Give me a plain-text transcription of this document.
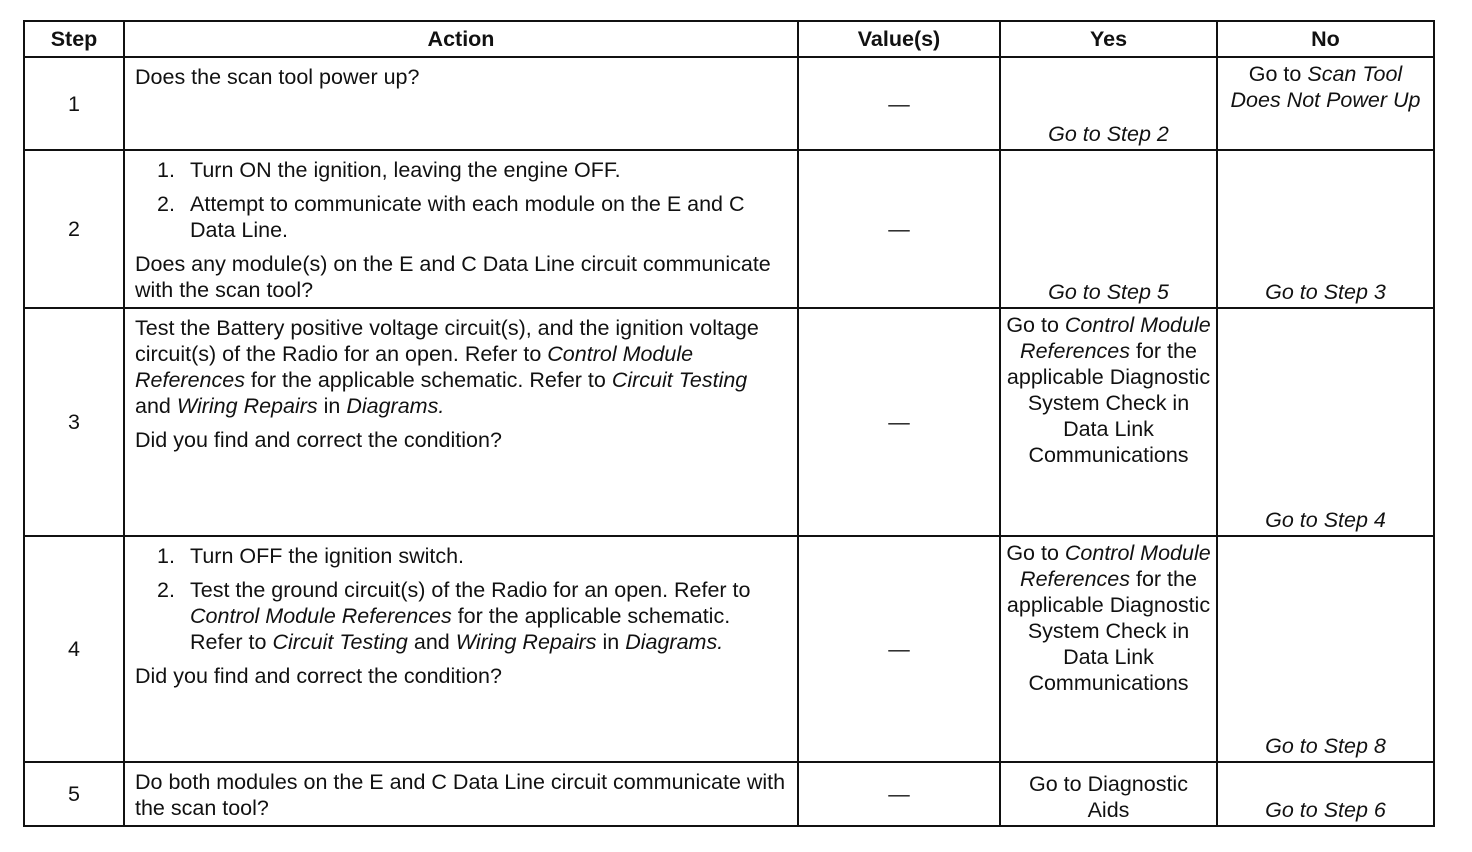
Step	Action	Value(s)	Yes	No
1	Does the scan tool power up?	—	Go to Step 2	Go to Scan Tool Does Not Power Up
2	1. Turn ON the ignition, leaving the engine OFF.
2. Attempt to communicate with each module on the E and C Data Line.

Does any module(s) on the E and C Data Line circuit communicate with the scan tool?	—	Go to Step 5	Go to Step 3
3	Test the Battery positive voltage circuit(s), and the ignition voltage circuit(s) of the Radio for an open. Refer to Control Module References for the applicable schematic. Refer to Circuit Testing and Wiring Repairs in Diagrams.

Did you find and correct the condition?	—	Go to Control Module References for the applicable Diagnostic System Check in Data Link Communications	Go to Step 4
4	1. Turn OFF the ignition switch.
2. Test the ground circuit(s) of the Radio for an open. Refer to Control Module References for the applicable schematic. Refer to Circuit Testing and Wiring Repairs in Diagrams.

Did you find and correct the condition?	—	Go to Control Module References for the applicable Diagnostic System Check in Data Link Communications	Go to Step 8
5	Do both modules on the E and C Data Line circuit communicate with the scan tool?	—	Go to Diagnostic Aids	Go to Step 6
